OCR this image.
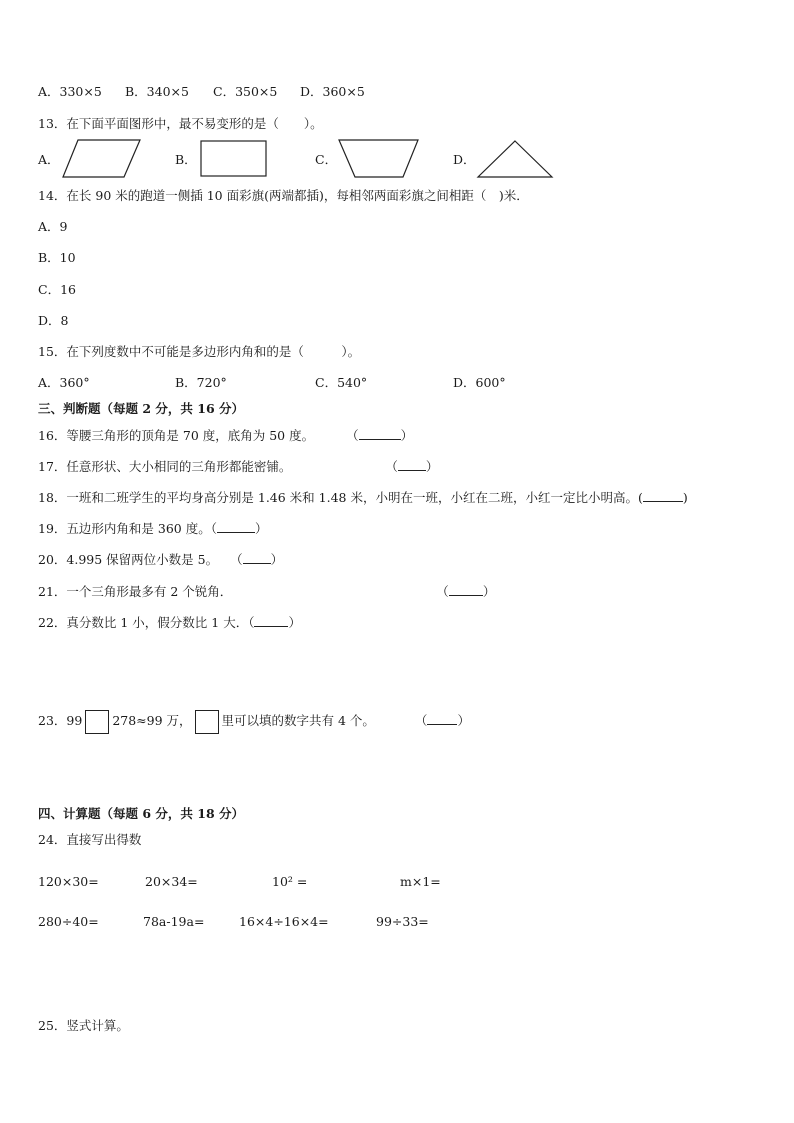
A．330×5 B．340×5 C．350×5 D．360×5
13．在下面平面图形中，最不易变形的是（　　）。
A．	B．	C．	D．
14．在长 90 米的跑道一侧插 10 面彩旗(两端都插)，每相邻两面彩旗之间相距（　)米．
A．9
B．10
C．16
D．8
15．在下列度数中不可能是多边形内角和的是（　　　）。
A．360°	B．720°	C．540°	D．600°
三、判断题（每题 2 分，共 16 分）
16．等腰三角形的顶角是 70 度，底角为 50 度。	（	）
17．任意形状、大小相同的三角形都能密铺。	（ ）
18．一班和二班学生的平均身高分别是 1.46 米和 1.48 米，小明在一班，小红在二班，小红一定比小明高。(	)
19．五边形内角和是 360 度。（	）
20．4.995 保留两位小数是 5。 （ ）
21．一个三角形最多有 2 个锐角．	（	）
22．真分数比 1 小，假分数比 1 大．（	）
23．99 278≈99 万， 里可以填的数字共有 4 个。	（ ）
四、计算题（每题 6 分，共 18 分）
24．直接写出得数
120×30=	20×34=	10² =	m×1=
280÷40=	78a-19a=	16×4÷16×4=	99÷33=
25．竖式计算。
